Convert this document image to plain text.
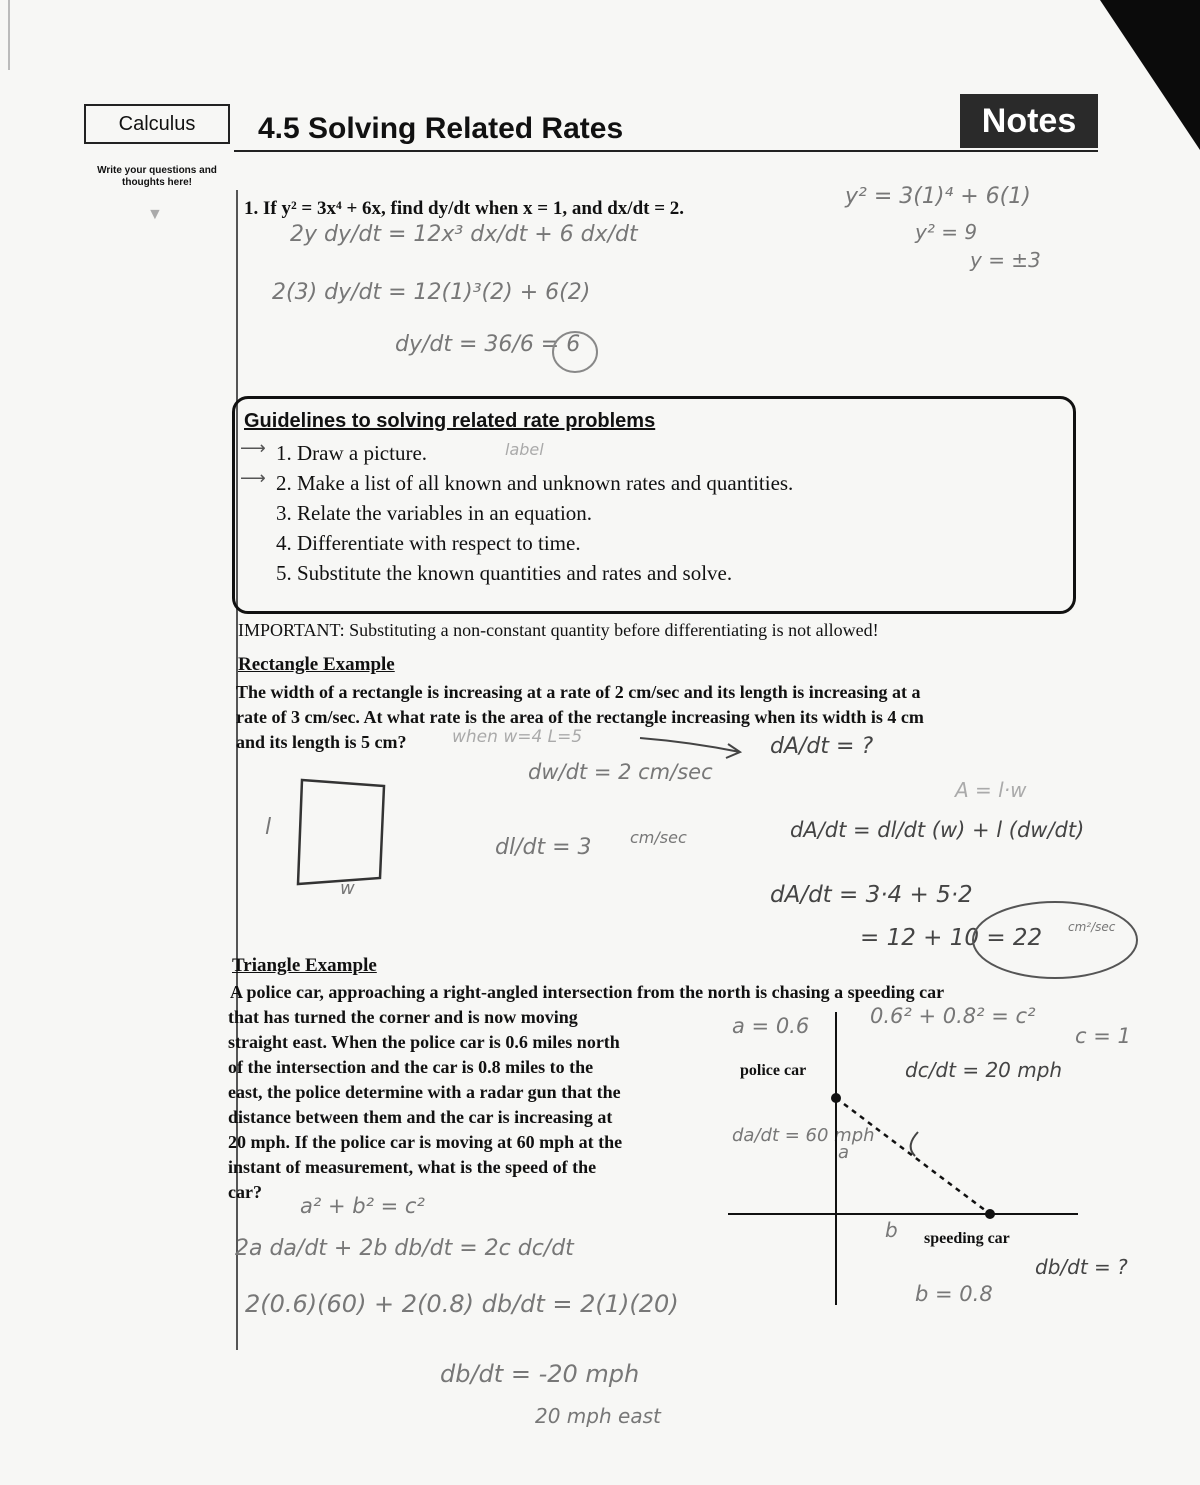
Calculus	4.5 Solving Related Rates	Notes
Write your questions and thoughts here!
▼	1. If y² = 3x⁴ + 6x, find dy/dt when x = 1, and dx/dt = 2.
2y dy/dt = 12x³ dx/dt + 6 dx/dt
2(3) dy/dt = 12(1)³(2) + 6(2)
dy/dt = 36/6 = 6
y² = 3(1)⁴ + 6(1)
y² = 9
y = ±3
Guidelines to solving related rate problems
1. Draw a picture.
2. Make a list of all known and unknown rates and quantities.
3. Relate the variables in an equation.
4. Differentiate with respect to time.
5. Substitute the known quantities and rates and solve.
⟶
⟶
label
IMPORTANT: Substituting a non-constant quantity before differentiating is not allowed!
Rectangle Example
The width of a rectangle is increasing at a rate of 2 cm/sec and its length is increasing at a
rate of 3 cm/sec. At what rate is the area of the rectangle increasing when its width is 4 cm
and its length is 5 cm?	when w=4 L=5	dA/dt = ?
dw/dt = 2 cm/sec
dl/dt = 3 cm/sec
A = l·w
dA/dt = dl/dt (w) + l (dw/dt)
dA/dt = 3·4 + 5·2
= 12 + 10 = 22 cm²/sec
l
w
Triangle Example
A police car, approaching a right-angled intersection from the north is chasing a speeding car
that has turned the corner and is now moving
straight east. When the police car is 0.6 miles north
of the intersection and the car is 0.8 miles to the
east, the police determine with a radar gun that the
distance between them and the car is increasing at
20 mph. If the police car is moving at 60 mph at the
instant of measurement, what is the speed of the
car?
police car
speeding car
a = 0.6	0.6² + 0.8² = c²
c = 1
dc/dt = 20 mph
da/dt = 60 mph
a
b
b = 0.8
db/dt = ?
a² + b² = c²
2a da/dt + 2b db/dt = 2c dc/dt
2(0.6)(60) + 2(0.8) db/dt = 2(1)(20)
db/dt = -20 mph
20 mph east
